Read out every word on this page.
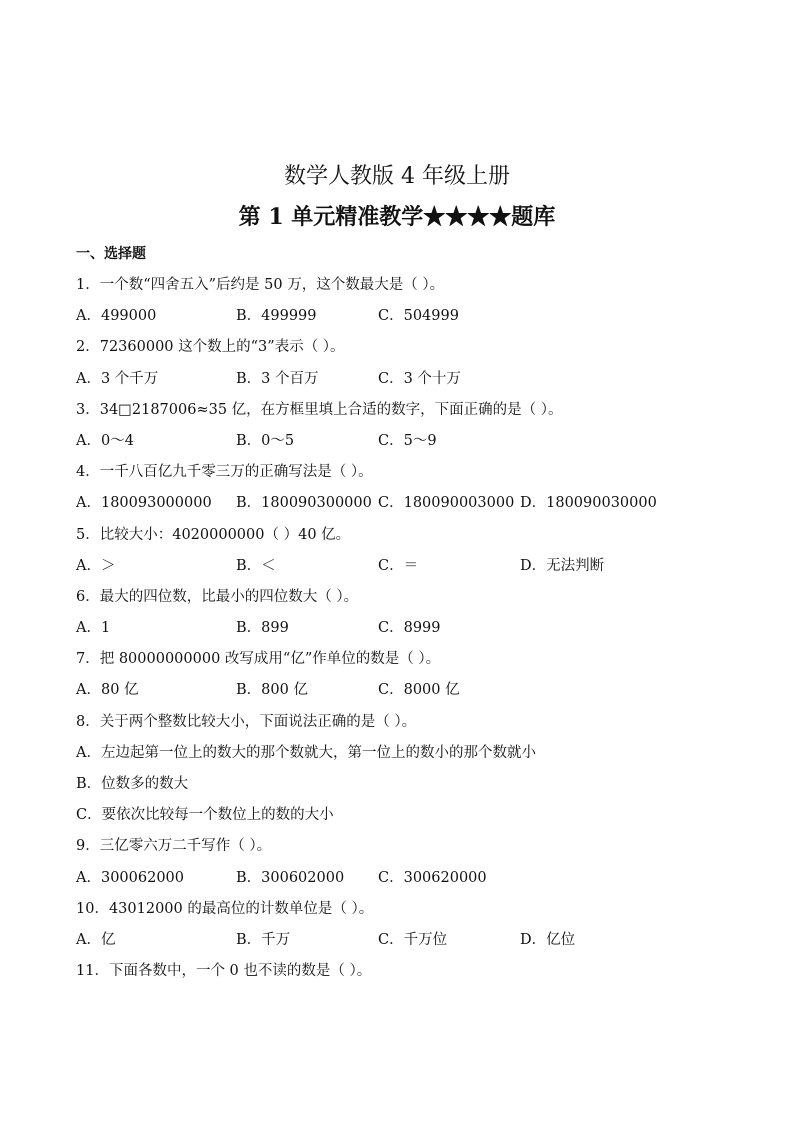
数学人教版 4 年级上册
第 1 单元精准教学★★★★题库
一、选择题
1．一个数“四舍五入”后约是 50 万，这个数最大是（ ）。
A．499000	B．499999	C．504999
2．72360000 这个数上的“3”表示（ ）。
A．3 个千万	B．3 个百万	C．3 个十万
3．34□2187006≈35 亿，在方框里填上合适的数字，下面正确的是（ ）。
A．0～4	B．0～5	C．5～9
4．一千八百亿九千零三万的正确写法是（ ）。
A．180093000000 B．180090300000 C．180090003000 D．180090030000
5．比较大小：4020000000（ ）40 亿。
A．＞	B．＜	C．＝	D．无法判断
6．最大的四位数，比最小的四位数大（ ）。
A．1	B．899	C．8999
7．把 80000000000 改写成用“亿”作单位的数是（ ）。
A．80 亿	B．800 亿	C．8000 亿
8．关于两个整数比较大小，下面说法正确的是（ ）。
A．左边起第一位上的数大的那个数就大，第一位上的数小的那个数就小
B．位数多的数大
C．要依次比较每一个数位上的数的大小
9．三亿零六万二千写作（ ）。
A．300062000	B．300602000 C．300620000
10．43012000 的最高位的计数单位是（ ）。
A．亿	B．千万	C．千万位	D．亿位
11．下面各数中，一个 0 也不读的数是（ ）。
